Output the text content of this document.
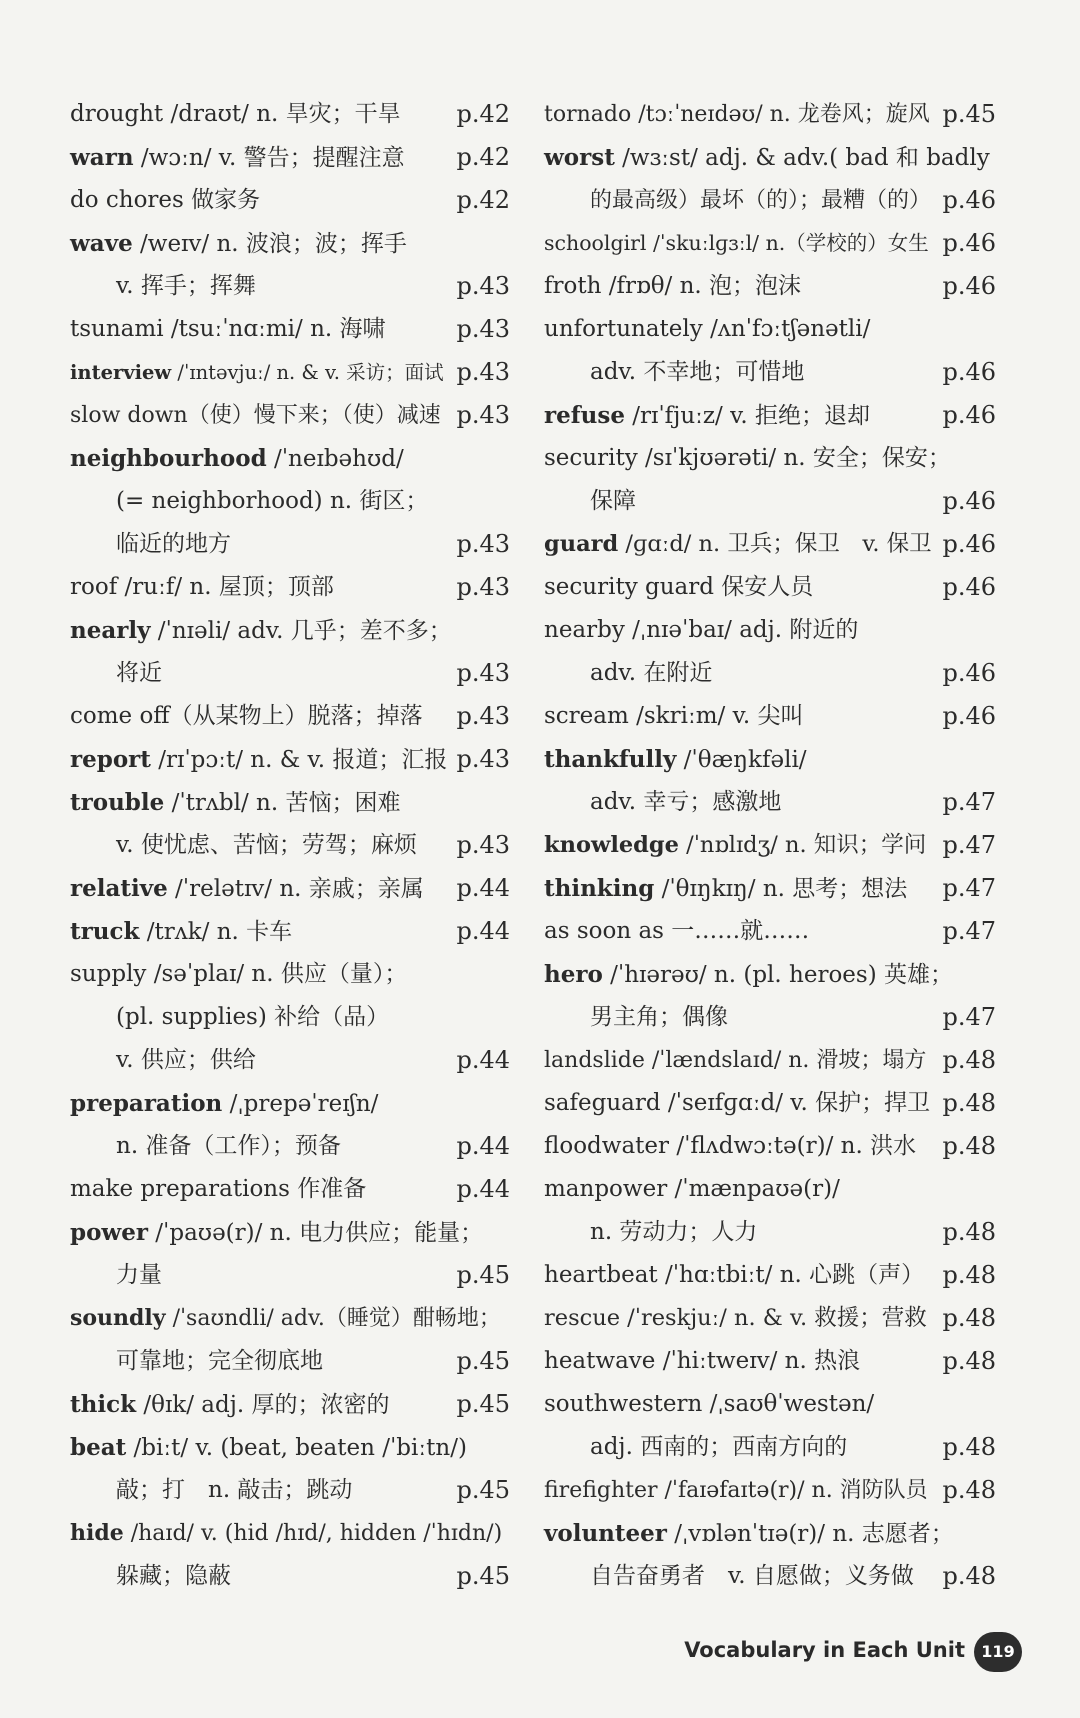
drought /draʊt/ n. 旱灾；干旱 p.42
warn /wɔːn/ v. 警告；提醒注意 p.42
do chores 做家务	p.42
wave /weɪv/ n. 波浪；波；挥手
v. 挥手；挥舞	p.43
tsunami /tsuːˈnɑːmi/ n. 海啸	p.43
interview /ˈɪntəvjuː/ n. & v. 采访；面试 p.43
slow down（使）慢下来；（使）减速 p.43
neighbourhood /ˈneɪbəhʊd/
(= neighborhood) n. 街区；
临近的地方	p.43
roof /ruːf/ n. 屋顶；顶部	p.43
nearly /ˈnɪəli/ adv. 几乎；差不多；
将近	p.43
come off（从某物上）脱落；掉落 p.43
report /rɪˈpɔːt/ n. & v. 报道；汇报 p.43
trouble /ˈtrʌbl/ n. 苦恼；困难
v. 使忧虑、苦恼；劳驾；麻烦 p.43
relative /ˈrelətɪv/ n. 亲戚；亲属 p.44
truck /trʌk/ n. 卡车	p.44
supply /səˈplaɪ/ n. 供应（量）；
(pl. supplies) 补给（品）
v. 供应；供给	p.44
preparation /ˌprepəˈreɪʃn/
n. 准备（工作）；预备	p.44
make preparations 作准备	p.44
power /ˈpaʊə(r)/ n. 电力供应；能量；
力量	p.45
soundly /ˈsaʊndli/ adv.（睡觉）酣畅地；
可靠地；完全彻底地	p.45
thick /θɪk/ adj. 厚的；浓密的	p.45
beat /biːt/ v. (beat, beaten /ˈbiːtn/)
敲；打　n. 敲击；跳动	p.45
hide /haɪd/ v. (hid /hɪd/, hidden /ˈhɪdn/)
躲藏；隐蔽	p.45
tornado /tɔːˈneɪdəʊ/ n. 龙卷风；旋风 p.45
worst /wɜːst/ adj. & adv.( bad 和 badly
的最高级）最坏（的）；最糟（的） p.46
schoolgirl /ˈskuːlɡɜːl/ n.（学校的）女生 p.46
froth /frɒθ/ n. 泡；泡沫	p.46
unfortunately /ʌnˈfɔːtʃənətli/
adv. 不幸地；可惜地	p.46
refuse /rɪˈfjuːz/ v. 拒绝；退却	p.46
security /sɪˈkjʊərəti/ n. 安全；保安；
保障	p.46
guard /ɡɑːd/ n. 卫兵；保卫　v. 保卫 p.46
security guard 保安人员	p.46
nearby /ˌnɪəˈbaɪ/ adj. 附近的
adv. 在附近	p.46
scream /skriːm/ v. 尖叫	p.46
thankfully /ˈθæŋkfəli/
adv. 幸亏；感激地	p.47
knowledge /ˈnɒlɪdʒ/ n. 知识；学问 p.47
thinking /ˈθɪŋkɪŋ/ n. 思考；想法 p.47
as soon as 一……就……	p.47
hero /ˈhɪərəʊ/ n. (pl. heroes) 英雄；
男主角；偶像	p.47
landslide /ˈlændslaɪd/ n. 滑坡；塌方 p.48
safeguard /ˈseɪfɡɑːd/ v. 保护；捍卫 p.48
floodwater /ˈflʌdwɔːtə(r)/ n. 洪水 p.48
manpower /ˈmænpaʊə(r)/
n. 劳动力；人力	p.48
heartbeat /ˈhɑːtbiːt/ n. 心跳（声） p.48
rescue /ˈreskjuː/ n. & v. 救援；营救 p.48
heatwave /ˈhiːtweɪv/ n. 热浪	p.48
southwestern /ˌsaʊθˈwestən/
adj. 西南的；西南方向的	p.48
firefighter /ˈfaɪəfaɪtə(r)/ n. 消防队员 p.48
volunteer /ˌvɒlənˈtɪə(r)/ n. 志愿者；
自告奋勇者　v. 自愿做；义务做 p.48
Vocabulary in Each Unit	119
